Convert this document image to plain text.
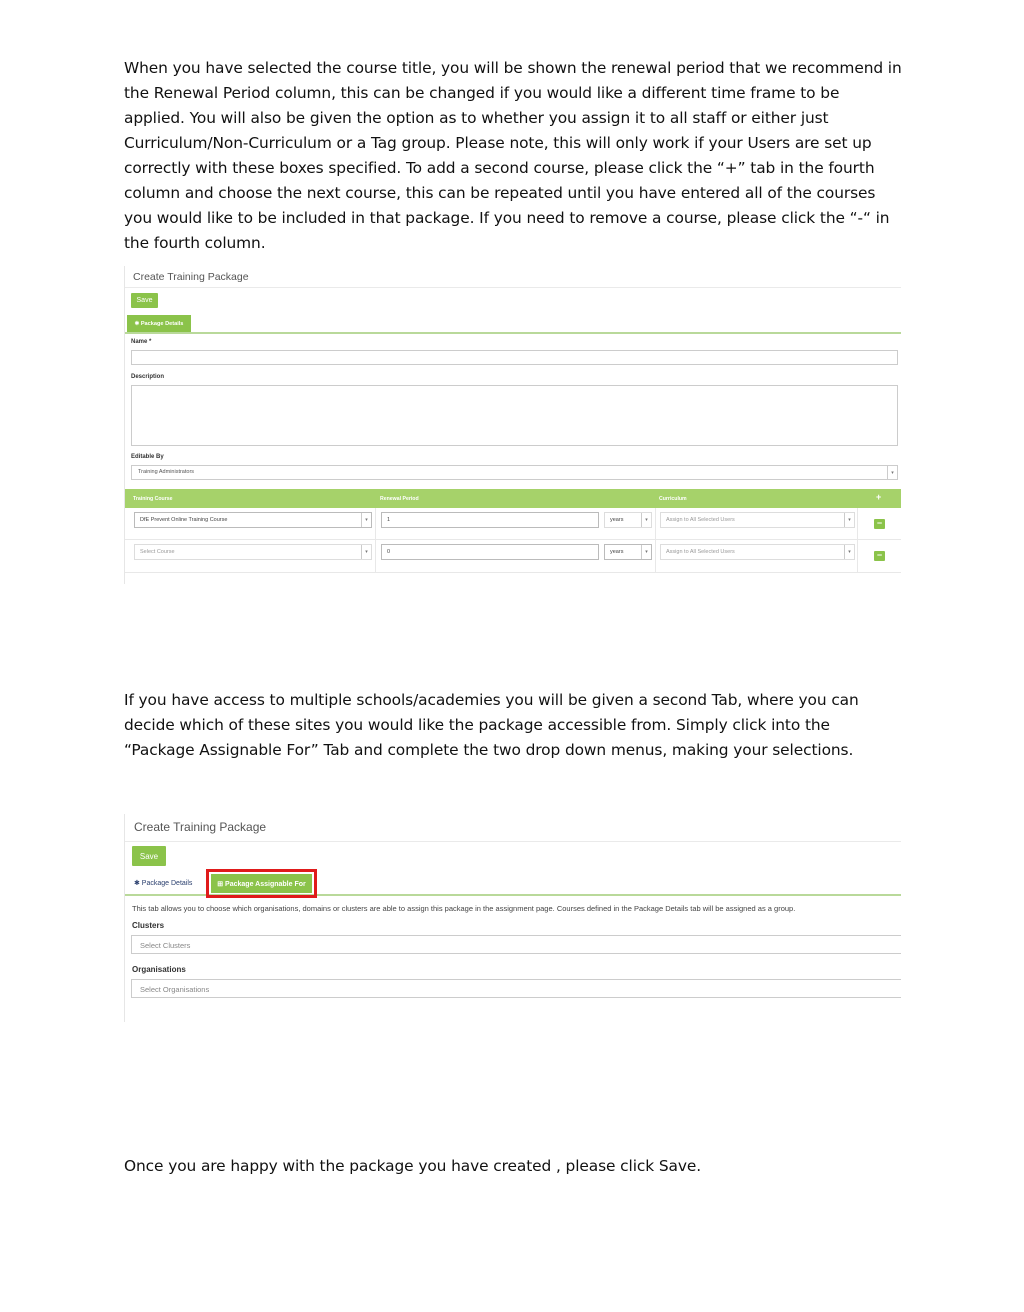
When you have selected the course title, you will be shown the renewal period that we recommend in the Renewal Period column, this can be changed if you would like a different time frame to be applied. You will also be given the option as to whether you assign it to all staff or either just Curriculum/Non-Curriculum or a Tag group. Please note, this will only work if your Users are set up correctly with these boxes specified. To add a second course, please click the “+” tab in the fourth column and choose the next course, this can be repeated until you have entered all of the courses you would like to be included in that package. If you need to remove a course, please click the “-“ in the fourth column.

Create Training Package
Save
✱ Package Details
Name *
Description
Editable By
Training Administrators	▾
Training Course	Renewal Period	Curriculum	+
DfE Prevent Online Training Course	▾	1	years	▾	Assign to All Selected Users	▾	−
Select Course	▾	0	years	▾	Assign to All Selected Users	▾	−

If you have access to multiple schools/academies you will be given a second Tab, where you can decide which of these sites you would like the package accessible from. Simply click into the “Package Assignable For” Tab and complete the two drop down menus, making your selections.

Create Training Package
Save
✱ Package Details	⊞ Package Assignable For
This tab allows you to choose which organisations, domains or clusters are able to assign this package in the assignment page. Courses defined in the Package Details tab will be assigned as a group.
Clusters
Select Clusters
Organisations
Select Organisations

Once you are happy with the package you have created , please click Save.
